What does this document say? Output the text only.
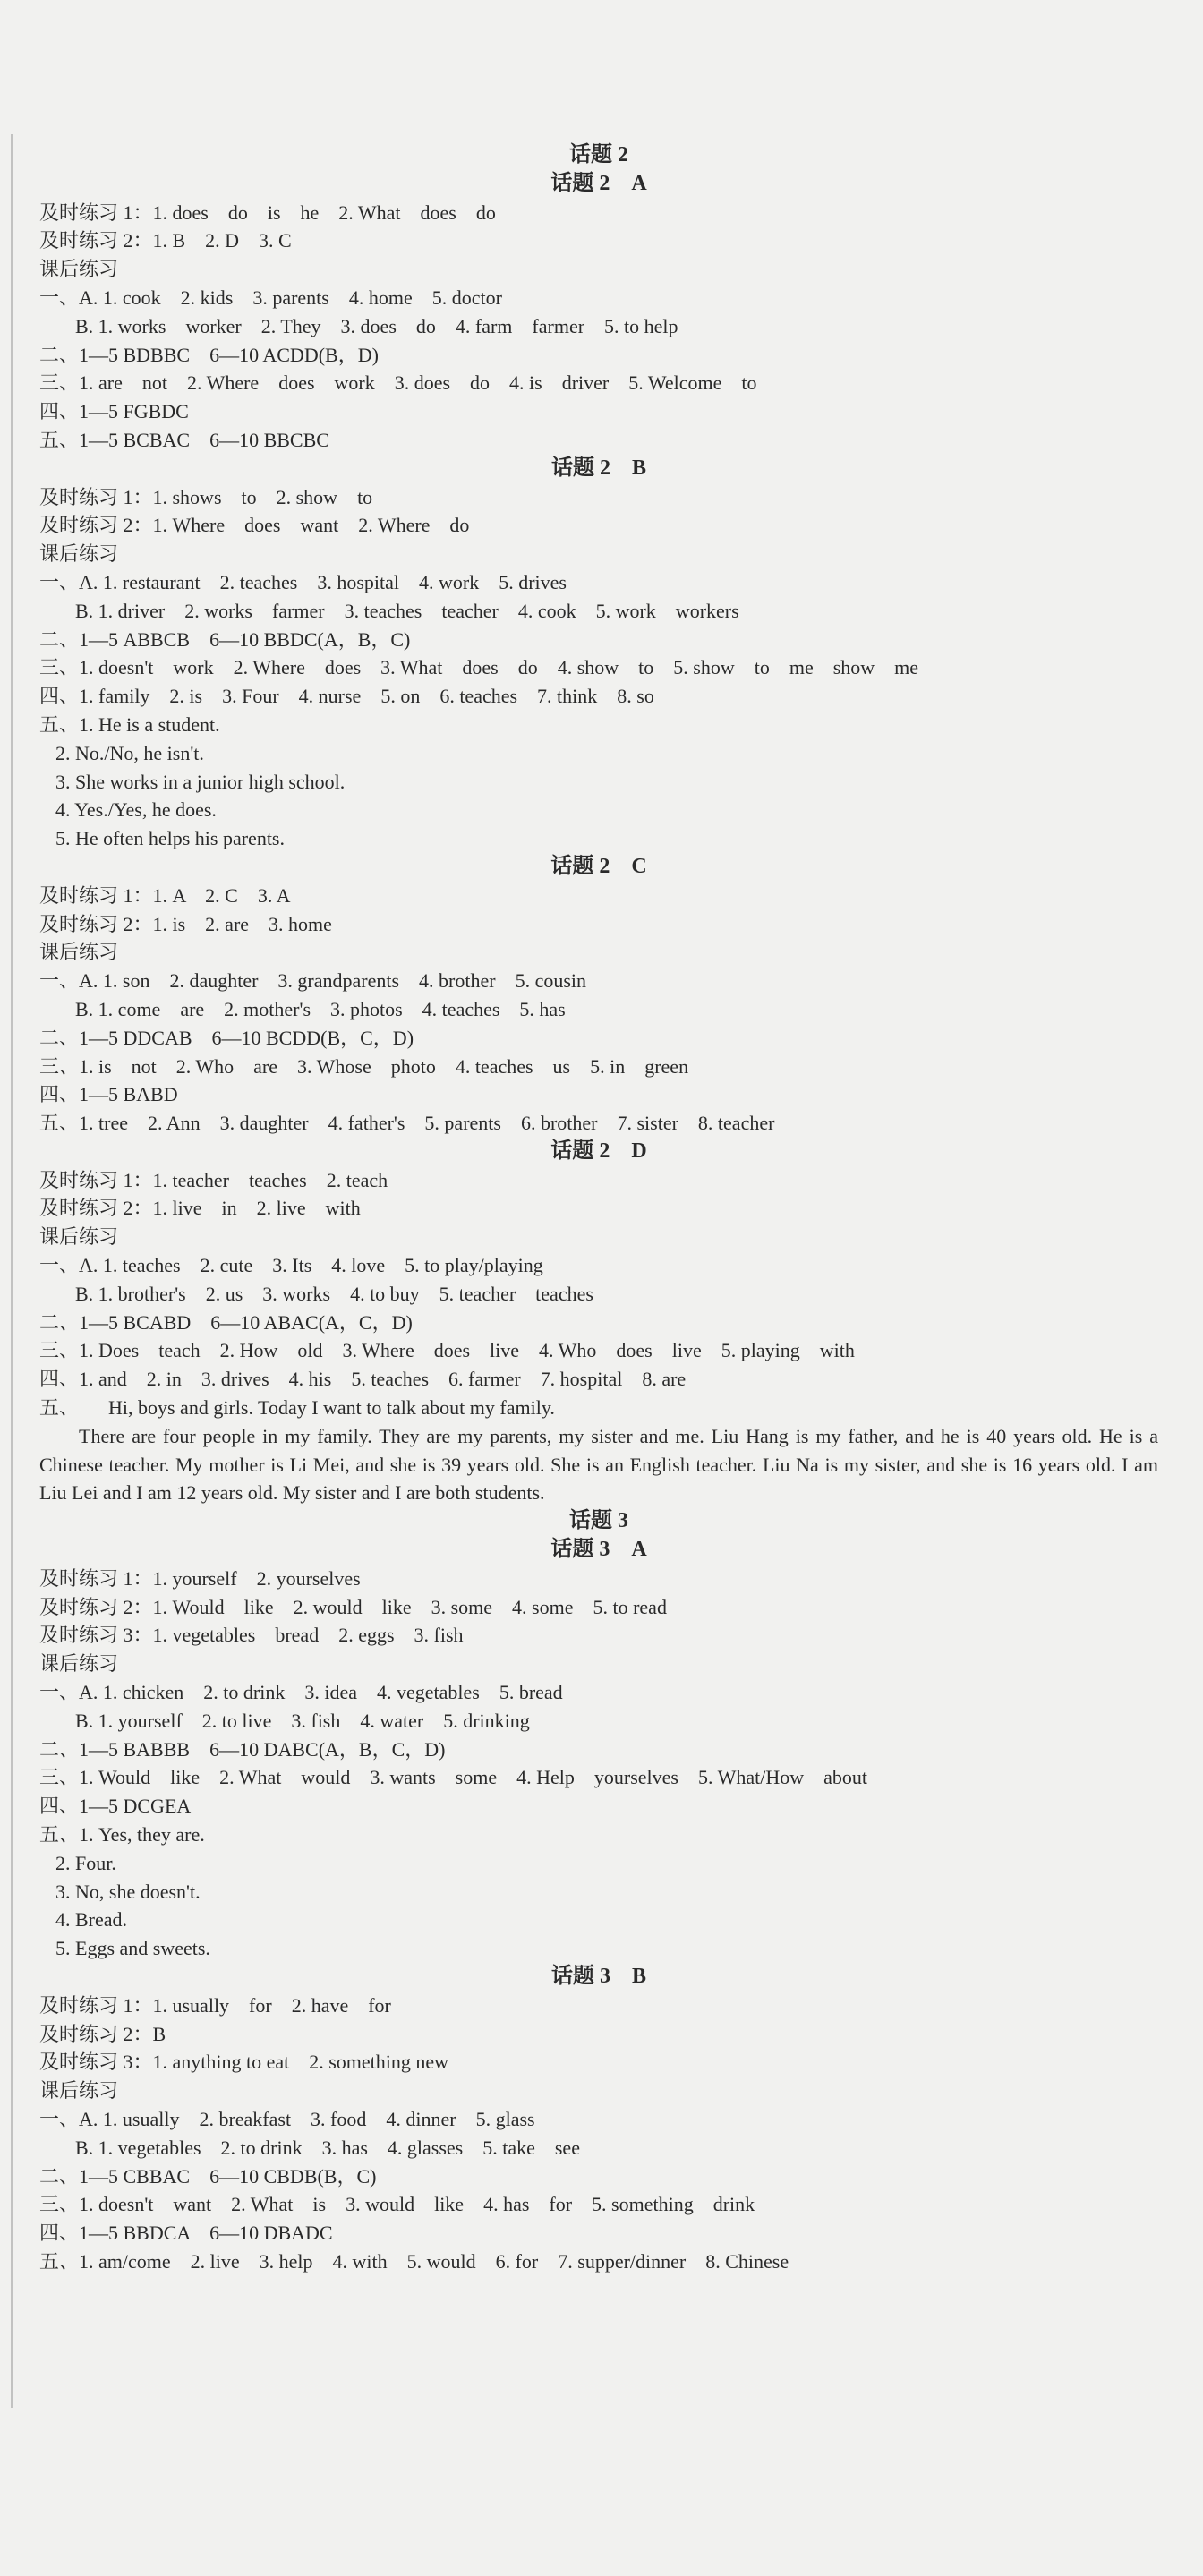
话题 2
话题 2　A
及时练习 1：1. does　do　is　he　2. What　does　do
及时练习 2：1. B　2. D　3. C
课后练习
一、A. 1. cook　2. kids　3. parents　4. home　5. doctor
B. 1. works　worker　2. They　3. does　do　4. farm　farmer　5. to help
二、1—5 BDBBC　6—10 ACDD(B，D)
三、1. are　not　2. Where　does　work　3. does　do　4. is　driver　5. Welcome　to
四、1—5 FGBDC
五、1—5 BCBAC　6—10 BBCBC
话题 2　B
及时练习 1：1. shows　to　2. show　to
及时练习 2：1. Where　does　want　2. Where　do
课后练习
一、A. 1. restaurant　2. teaches　3. hospital　4. work　5. drives
B. 1. driver　2. works　farmer　3. teaches　teacher　4. cook　5. work　workers
二、1—5 ABBCB　6—10 BBDC(A，B，C)
三、1. doesn't　work　2. Where　does　3. What　does　do　4. show　to　5. show　to　me　show　me
四、1. family　2. is　3. Four　4. nurse　5. on　6. teaches　7. think　8. so
五、1. He is a student.
2. No./No, he isn't.
3. She works in a junior high school.
4. Yes./Yes, he does.
5. He often helps his parents.
话题 2　C
及时练习 1：1. A　2. C　3. A
及时练习 2：1. is　2. are　3. home
课后练习
一、A. 1. son　2. daughter　3. grandparents　4. brother　5. cousin
B. 1. come　are　2. mother's　3. photos　4. teaches　5. has
二、1—5 DDCAB　6—10 BCDD(B，C，D)
三、1. is　not　2. Who　are　3. Whose　photo　4. teaches　us　5. in　green
四、1—5 BABD
五、1. tree　2. Ann　3. daughter　4. father's　5. parents　6. brother　7. sister　8. teacher
话题 2　D
及时练习 1：1. teacher　teaches　2. teach
及时练习 2：1. live　in　2. live　with
课后练习
一、A. 1. teaches　2. cute　3. Its　4. love　5. to play/playing
B. 1. brother's　2. us　3. works　4. to buy　5. teacher　teaches
二、1—5 BCABD　6—10 ABAC(A，C，D)
三、1. Does　teach　2. How　old　3. Where　does　live　4. Who　does　live　5. playing　with
四、1. and　2. in　3. drives　4. his　5. teaches　6. farmer　7. hospital　8. are
五、　　Hi, boys and girls. Today I want to talk about my family.
There are four people in my family. They are my parents, my sister and me. Liu Hang is my father, and he is 40 years old. He is a Chinese teacher. My mother is Li Mei, and she is 39 years old. She is an English teacher. Liu Na is my sister, and she is 16 years old. I am Liu Lei and I am 12 years old. My sister and I are both students.
话题 3
话题 3　A
及时练习 1：1. yourself　2. yourselves
及时练习 2：1. Would　like　2. would　like　3. some　4. some　5. to read
及时练习 3：1. vegetables　bread　2. eggs　3. fish
课后练习
一、A. 1. chicken　2. to drink　3. idea　4. vegetables　5. bread
B. 1. yourself　2. to live　3. fish　4. water　5. drinking
二、1—5 BABBB　6—10 DABC(A，B，C，D)
三、1. Would　like　2. What　would　3. wants　some　4. Help　yourselves　5. What/How　about
四、1—5 DCGEA
五、1. Yes, they are.
2. Four.
3. No, she doesn't.
4. Bread.
5. Eggs and sweets.
话题 3　B
及时练习 1：1. usually　for　2. have　for
及时练习 2：B
及时练习 3：1. anything to eat　2. something new
课后练习
一、A. 1. usually　2. breakfast　3. food　4. dinner　5. glass
B. 1. vegetables　2. to drink　3. has　4. glasses　5. take　see
二、1—5 CBBAC　6—10 CBDB(B，C)
三、1. doesn't　want　2. What　is　3. would　like　4. has　for　5. something　drink
四、1—5 BBDCA　6—10 DBADC
五、1. am/come　2. live　3. help　4. with　5. would　6. for　7. supper/dinner　8. Chinese
